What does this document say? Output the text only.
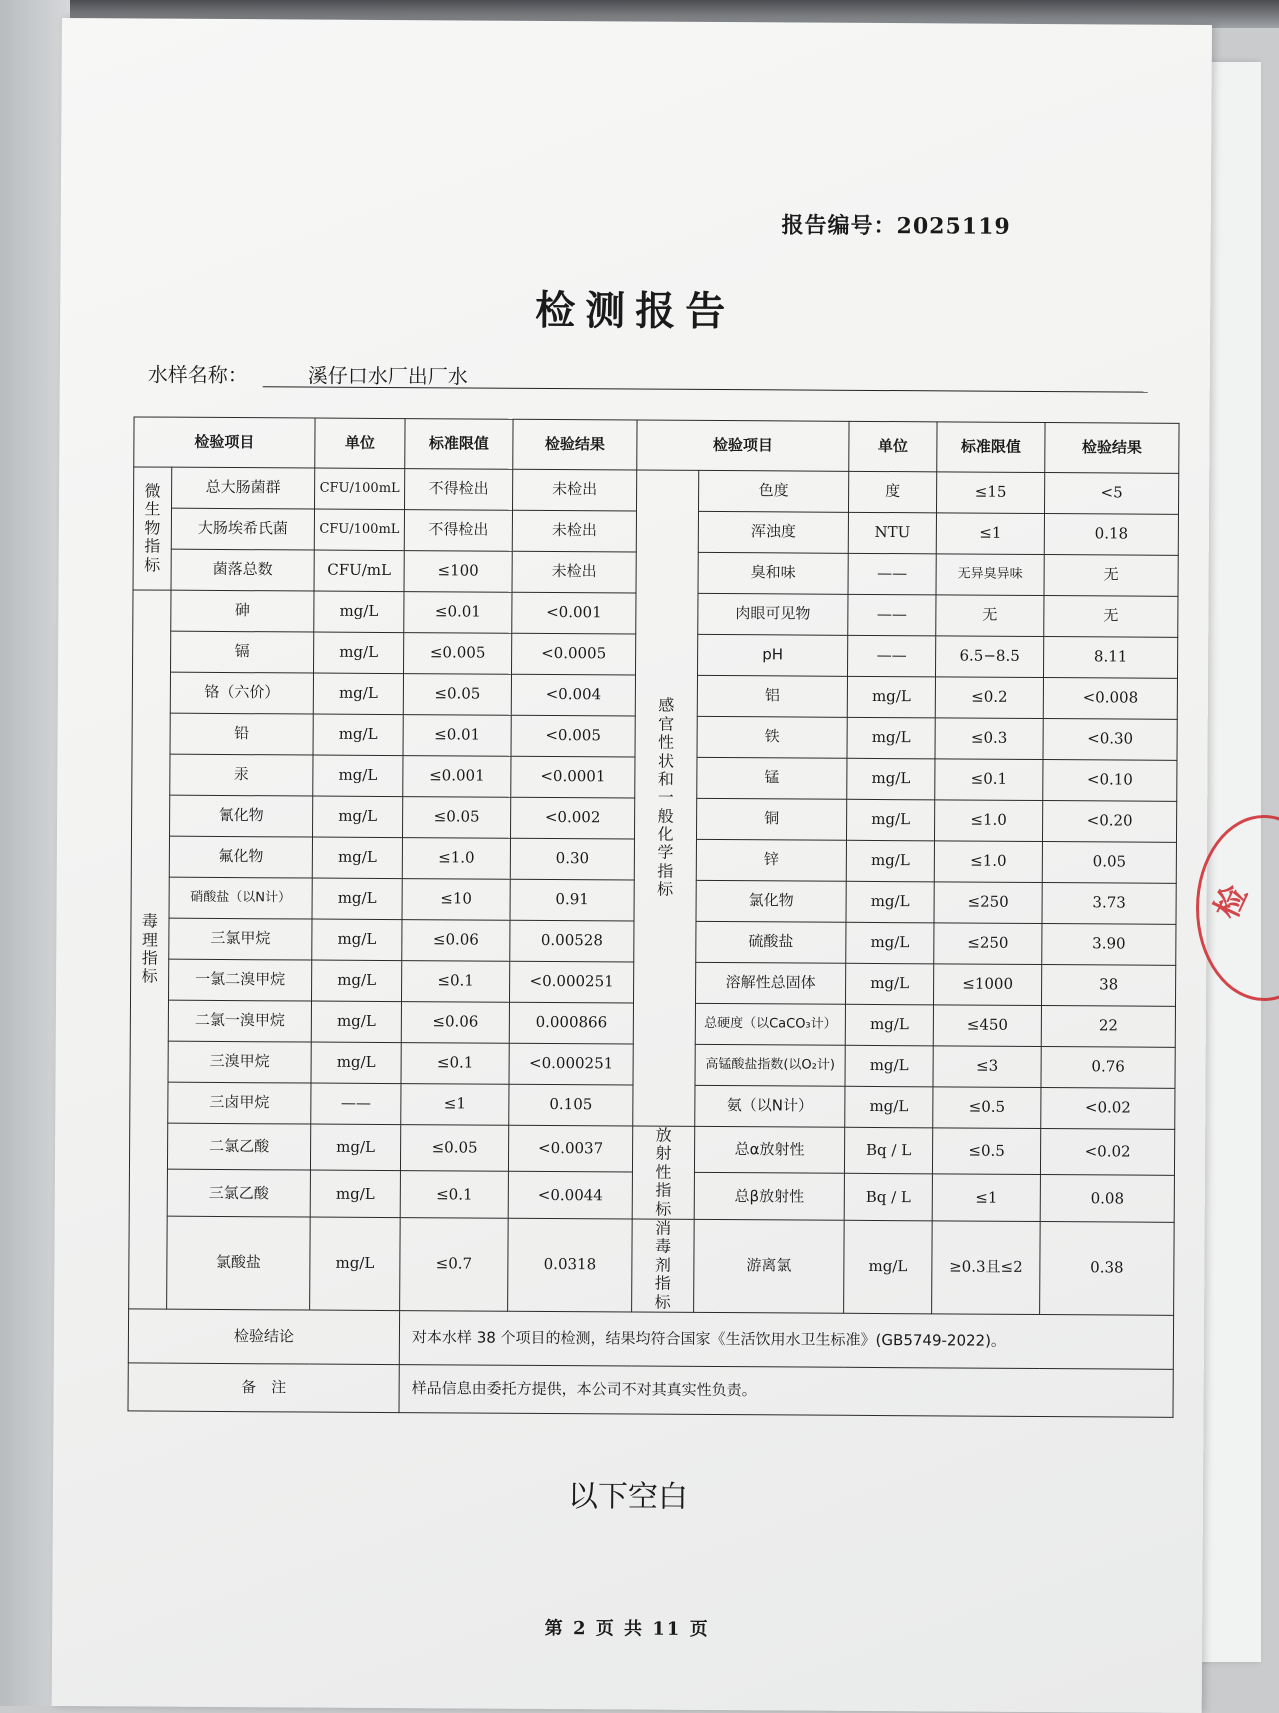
报告编号：2025119
检测报告
水样名称：	溪仔口水厂出厂水
检验项目		单位	标准限值	检验结果	检验项目		单位	标准限值	检验结果
微生物指标	总大肠菌群	CFU/100mL	不得检出	未检出	感官性状和一般化学指标	色度	度	≤15	<5
	大肠埃希氏菌	CFU/100mL	不得检出	未检出		浑浊度	NTU	≤1	0.18
	菌落总数	CFU/mL	≤100	未检出		臭和味	——	无异臭异味	无
毒理指标	砷	mg/L	≤0.01	<0.001		肉眼可见物	——	无	无
	镉	mg/L	≤0.005	<0.0005		pH	——	6.5−8.5	8.11
	铬（六价）	mg/L	≤0.05	<0.004		铝	mg/L	≤0.2	<0.008
	铅	mg/L	≤0.01	<0.005		铁	mg/L	≤0.3	<0.30
	汞	mg/L	≤0.001	<0.0001		锰	mg/L	≤0.1	<0.10
	氰化物	mg/L	≤0.05	<0.002		铜	mg/L	≤1.0	<0.20
	氟化物	mg/L	≤1.0	0.30		锌	mg/L	≤1.0	0.05
	硝酸盐（以N计）	mg/L	≤10	0.91		氯化物	mg/L	≤250	3.73
	三氯甲烷	mg/L	≤0.06	0.00528		硫酸盐	mg/L	≤250	3.90
	一氯二溴甲烷	mg/L	≤0.1	<0.000251		溶解性总固体	mg/L	≤1000	38
	二氯一溴甲烷	mg/L	≤0.06	0.000866		总硬度（以CaCO₃计）	mg/L	≤450	22
	三溴甲烷	mg/L	≤0.1	<0.000251		高锰酸盐指数(以O₂计)	mg/L	≤3	0.76
	三卤甲烷	——	≤1	0.105		氨（以N计）	mg/L	≤0.5	<0.02
	二氯乙酸	mg/L	≤0.05	<0.0037	放射性指标	总α放射性	Bq / L	≤0.5	<0.02
	三氯乙酸	mg/L	≤0.1	<0.0044		总β放射性	Bq / L	≤1	0.08
	氯酸盐	mg/L	≤0.7	0.0318	消毒剂指标	游离氯	mg/L	≥0.3且≤2	0.38
检验结论			对本水样 38 个项目的检测，结果均符合国家《生活饮用水卫生标准》(GB5749-2022)。						
备　注			样品信息由委托方提供，本公司不对其真实性负责。						
以下空白
第 2 页 共 11 页
检
